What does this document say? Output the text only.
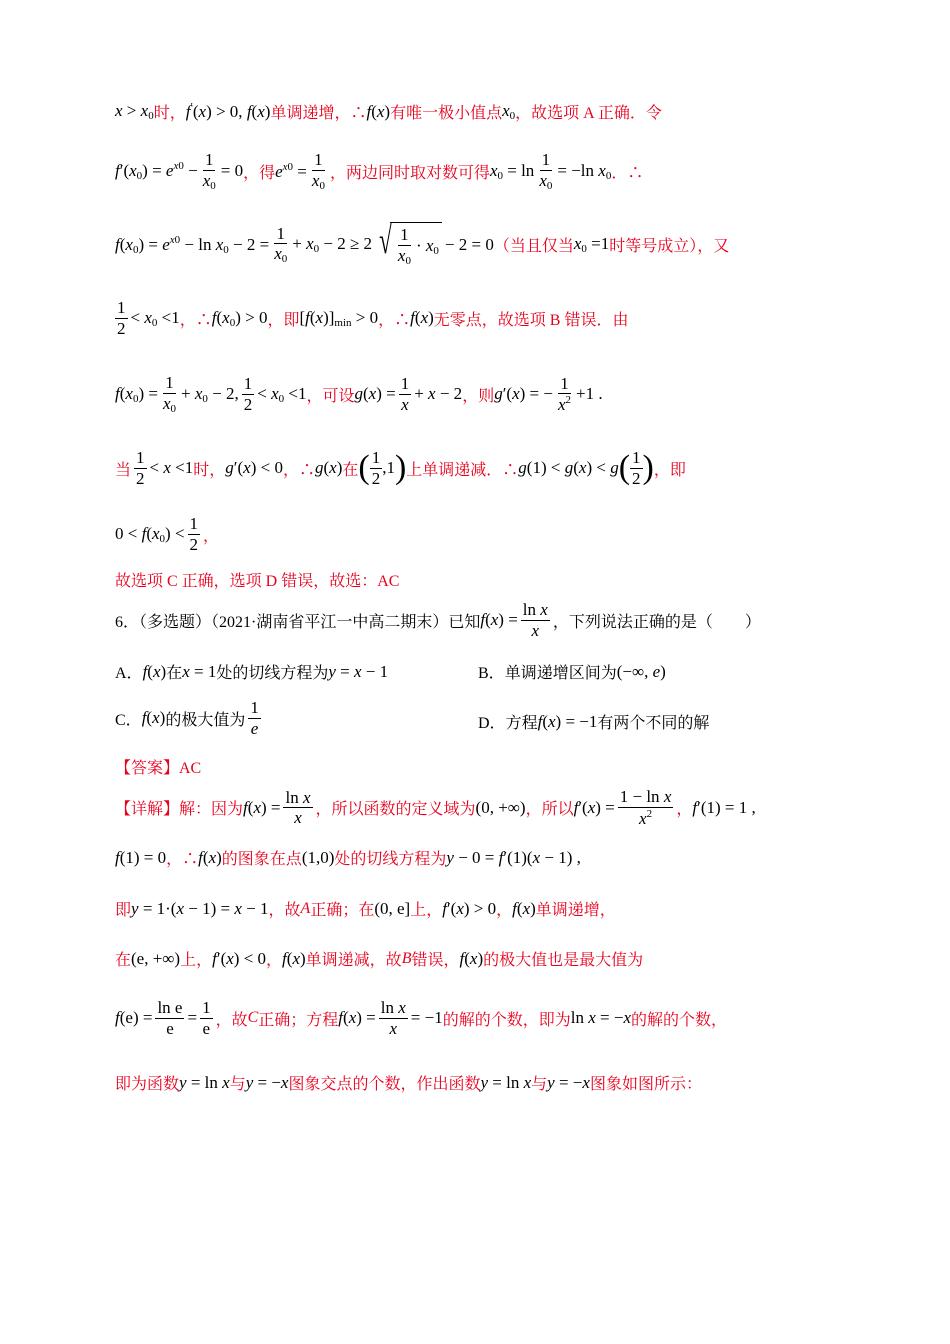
$x > x_0$ 时， f′(x) > 0, f(x) 单调递增，∴ f(x) 有唯一极小值点 $x_0$ ，故选项 A 正确．令
$f'(x_0) = e^{x0} - \frac{1}{x_0} = 0$ ，得 $e^{x0} = \frac{1}{x_0}$ ，两边同时取对数可得 $x_0 = \ln \frac{1}{x_0} = -\ln$ $x_0$ ．∴
$f(x_0) = e^{x0} - \ln x_0 - 2 = \frac{1}{x_0} + x_0 - 2 \ge 2$ √ $\frac{1}{x_0} \cdot x_0 - 2 = 0$ （当且仅当 $x_0 =1$ 时等号成立），又
$\frac{1}{2} < x_0 <1$ ，∴ $f(x_0) > 0$ ，即 $[f(x)]_{min} > 0$ ，∴ f(x) 无零点，故选项 B 错误．由
$f(x_0) = \frac{1}{x_0} + x_0 - 2$, $\frac{1}{2} < x_0 <1$ ，可设 $g(x) = \frac{1}{x} + x - 2$ ，则 g′(x) = − $\frac{1}{x^2} +1$ .
当 $\frac{1}{2} < x <1$ 时， g′(x) < 0 ，∴ g(x) 在 ( $\frac{1}{2} ,1$ ) 上单调递减．∴ g(1) < g(x) < g ( $\frac{1}{2}$ ) ，即
$0 < f(x_0) < \frac{1}{2}$ ，
故选项 C 正确，选项 D 错误，故选：AC
6．（多选题）（2021·湖南省平江一中高二期末）已知 $f(x) = \frac{\text{ln x}}{x}$ ，下列说法正确的是（　　）
A． f(x) 在 x = 1 处的切线方程为 y = x − 1	B． 单调递增区间为 (−∞, e)
C． f(x) 的极大值为 $\frac{1}{e}$	D． 方程 f(x) = −1 有两个不同的解
【答案】AC
【详解】 解：因为 $f(x) = \frac{\text{ln x}}{x}$ ，所以函数的定义域为 (0, +∞) ，所以 $f'(x) = \frac{\text{1 − ln x}}{x^2}$ ， f′(1) = 1 ,
f(1) = 0 ，∴ f(x) 的图象在点 (1,0) 处的切线方程为 y − 0 = f′(1)(x − 1) ,
即 y = 1·(x − 1) = x − 1 ，故 A 正确；在 (0, e] 上， f′(x) > 0 ， f(x) 单调递增，
在 (e, +∞) 上， f′(x) < 0 ， f(x) 单调递减，故 B 错误， f(x) 的极大值也是最大值为
$f(e) = \frac{\text{ln e}}{e} = \frac{1}{e}$ ，故 C 正确；方程 $f(x) = \frac{\text{ln x}}{x} = -1$ 的解的个数，即为 ln x = −x 的解的个数，
即为函数 y = ln x 与 y = −x 图象交点的个数，作出函数 y = ln x 与 y = −x 图象如图所示：
